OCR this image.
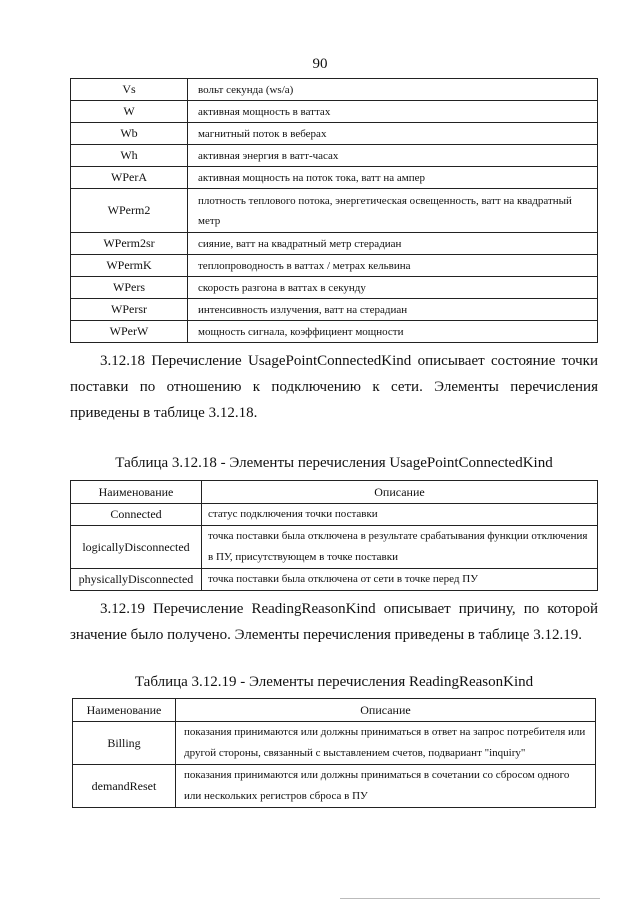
90
Vs	вольт секунда (ws/a)
W	активная мощность в ваттах
Wb	магнитный поток в веберах
Wh	активная энергия в ватт-часах
WPerA	активная мощность на поток тока, ватт на ампер
WPerm2	плотность теплового потока, энергетическая освещенность, ватт на квадратный метр
WPerm2sr	сияние, ватт на квадратный метр стерадиан
WPermK	теплопроводность в ваттах / метрах кельвина
WPers	скорость разгона в ваттах в секунду
WPersr	интенсивность излучения, ватт на стерадиан
WPerW	мощность сигнала, коэффициент мощности

3.12.18 Перечисление UsagePointConnectedKind описывает состояние точки поставки по отношению к подключению к сети. Элементы перечисления приведены в таблице 3.12.18.

Таблица 3.12.18 - Элементы перечисления UsagePointConnectedKind

Наименование	Описание
Connected	статус подключения точки поставки
logicallyDisconnected	точка поставки была отключена в результате срабатывания функции отключения в ПУ, присутствующем в точке поставки
physicallyDisconnected	точка поставки была отключена от сети в точке перед ПУ

3.12.19 Перечисление ReadingReasonKind описывает причину, по которой значение было получено. Элементы перечисления приведены в таблице 3.12.19.

Таблица 3.12.19 - Элементы перечисления ReadingReasonKind

Наименование	Описание
Billing	показания принимаются или должны приниматься в ответ на запрос потребителя или другой стороны, связанный с выставлением счетов, подвариант "inquiry"
demandReset	показания принимаются или должны приниматься в сочетании со сбросом одного или нескольких регистров сброса в ПУ
